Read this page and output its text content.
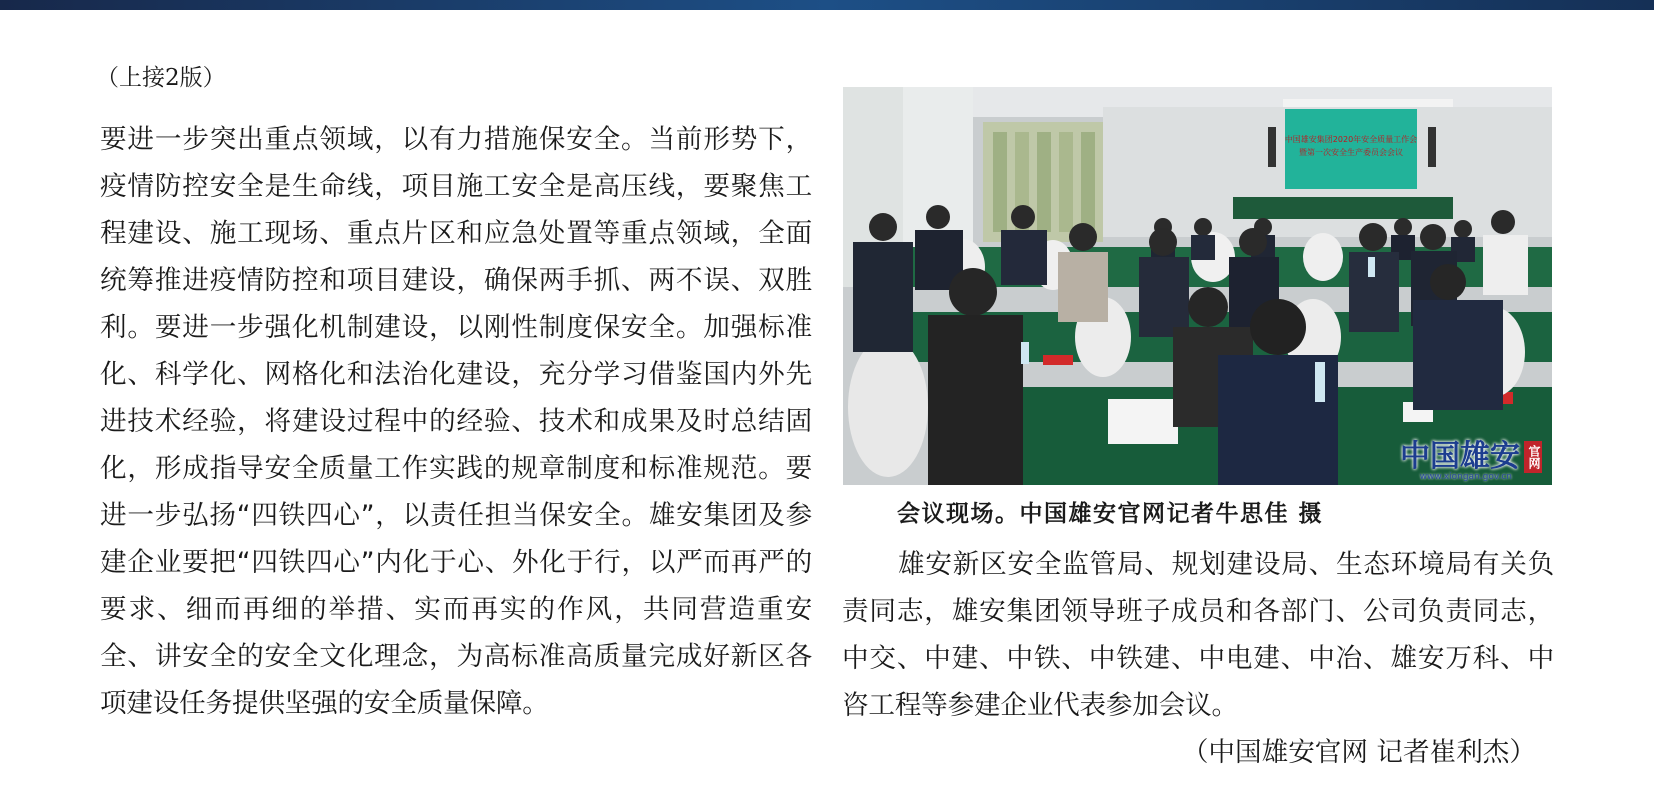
（上接2版）

要进一步突出重点领域，以有力措施保安全。当前形势下，疫情防控安全是生命线，项目施工安全是高压线，要聚焦工程建设、施工现场、重点片区和应急处置等重点领域，全面统筹推进疫情防控和项目建设，确保两手抓、两不误、双胜利。要进一步强化机制建设，以刚性制度保安全。加强标准化、科学化、网格化和法治化建设，充分学习借鉴国内外先进技术经验，将建设过程中的经验、技术和成果及时总结固化，形成指导安全质量工作实践的规章制度和标准规范。要进一步弘扬“四铁四心”，以责任担当保安全。雄安集团及参建企业要把“四铁四心”内化于心、外化于行，以严而再严的要求、细而再细的举措、实而再实的作风，共同营造重安全、讲安全的安全文化理念，为高标准高质量完成好新区各项建设任务提供坚强的安全质量保障。

中国雄安集团2020年安全质量工作会
暨第一次安全生产委员会会议
中国雄安 官网
www.xiongan.gov.cn
会议现场。中国雄安官网记者牛思佳 摄

雄安新区安全监管局、规划建设局、生态环境局有关负责同志，雄安集团领导班子成员和各部门、公司负责同志，中交、中建、中铁、中铁建、中电建、中冶、雄安万科、中咨工程等参建企业代表参加会议。

（中国雄安官网 记者崔利杰）
